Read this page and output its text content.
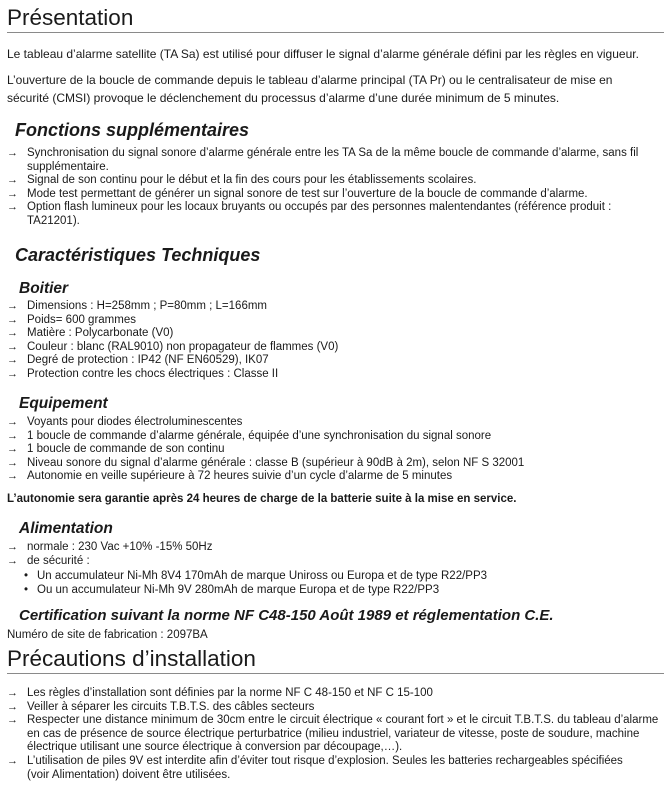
Présentation
Le tableau d’alarme satellite (TA Sa) est utilisé pour diffuser le signal d’alarme générale défini par les règles en vigueur.
L’ouverture de la boucle de commande depuis le tableau d’alarme principal (TA Pr) ou le centralisateur de mise en sécurité (CMSI) provoque le déclenchement du processus d’alarme d’une durée minimum de 5 minutes.
Fonctions supplémentaires
→ Synchronisation du signal sonore d’alarme générale entre les TA Sa de la même boucle de commande d’alarme, sans fil supplémentaire.
→ Signal de son continu pour le début et la fin des cours pour les établissements scolaires.
→ Mode test permettant de générer un signal sonore de test sur l’ouverture de la boucle de commande d’alarme.
→ Option flash lumineux pour les locaux bruyants ou occupés par des personnes malentendantes (référence produit : TA21201).
Caractéristiques Techniques
Boitier
→ Dimensions : H=258mm ; P=80mm ; L=166mm
→ Poids= 600 grammes
→ Matière : Polycarbonate (V0)
→ Couleur : blanc (RAL9010) non propagateur de flammes (V0)
→ Degré de protection : IP42 (NF EN60529), IK07
→ Protection contre les chocs électriques : Classe II
Equipement
→ Voyants pour diodes électroluminescentes
→ 1 boucle de commande d’alarme générale, équipée d’une synchronisation du signal sonore
→ 1 boucle de commande de son continu
→ Niveau sonore du signal d’alarme générale : classe B (supérieur à 90dB à 2m), selon NF S 32001
→ Autonomie en veille supérieure à 72 heures suivie d’un cycle d’alarme de 5 minutes
L’autonomie sera garantie après 24 heures de charge de la batterie suite à la mise en service.
Alimentation
→ normale : 230 Vac +10% -15% 50Hz
→ de sécurité :
• Un accumulateur Ni-Mh 8V4 170mAh de marque Uniross ou Europa et de type R22/PP3
• Ou un accumulateur Ni-Mh 9V 280mAh de marque Europa et de type R22/PP3
Certification suivant la norme NF C48-150 Août 1989 et réglementation C.E.
Numéro de site de fabrication : 2097BA
Précautions d’installation
→ Les règles d’installation sont définies par la norme NF C 48-150 et NF C 15-100
→ Veiller à séparer les circuits T.B.T.S. des câbles secteurs
→ Respecter une distance minimum de 30cm entre le circuit électrique « courant fort » et le circuit T.B.T.S. du tableau d’alarme en cas de présence de source électrique perturbatrice (milieu industriel, variateur de vitesse, poste de soudure, machine électrique utilisant une source électrique à conversion par découpage,…).
→ L’utilisation de piles 9V est interdite afin d’éviter tout risque d’explosion. Seules les batteries rechargeables spécifiées (voir Alimentation) doivent être utilisées.
